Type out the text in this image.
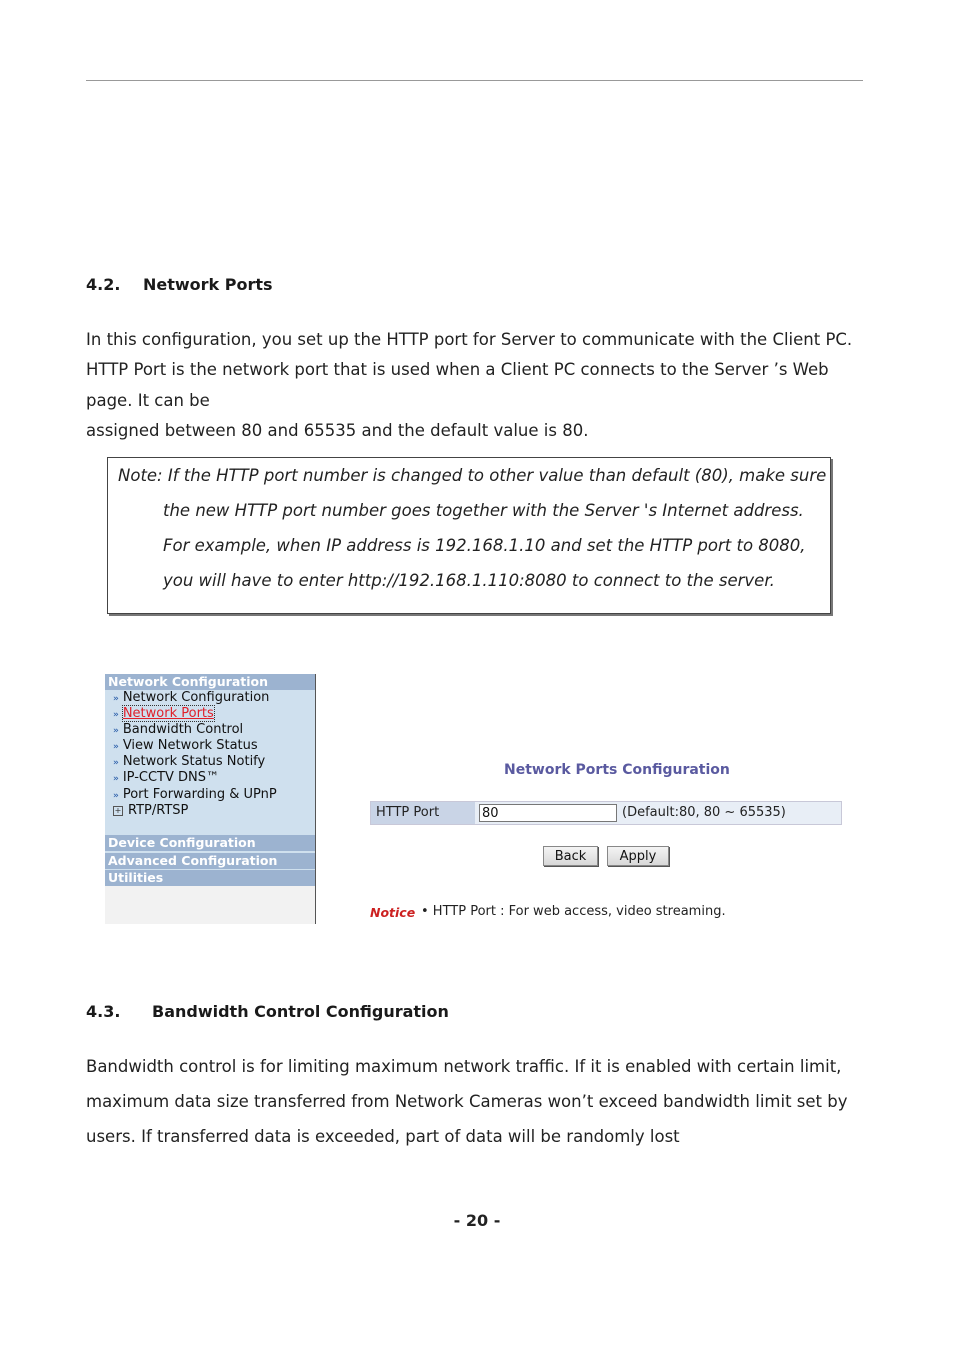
4.2. Network Ports
In this configuration, you set up the HTTP port for Server to communicate with the Client PC.
HTTP Port is the network port that is used when a Client PC connects to the Server ’s Web
page. It can be
assigned between 80 and 65535 and the default value is 80.
Note: If the HTTP port number is changed to other value than default (80), make sure
the new HTTP port number goes together with the Server 's Internet address.
For example, when IP address is 192.168.1.10 and set the HTTP port to 8080,
you will have to enter http://192.168.1.110:8080 to connect to the server.
Network Configuration
» Network Configuration
» Network Ports
» Bandwidth Control
» View Network Status
» Network Status Notify
» IP-CCTV DNS™
» Port Forwarding & UPnP
+ RTP/RTSP
Device Configuration
Advanced Configuration
Utilities
Network Ports Configuration
HTTP Port
80	(Default:80, 80 ~ 65535)
Back	Apply
Notice • HTTP Port : For web access, video streaming.
4.3. Bandwidth Control Configuration
Bandwidth control is for limiting maximum network traffic. If it is enabled with certain limit,
maximum data size transferred from Network Cameras won’t exceed bandwidth limit set by
users. If transferred data is exceeded, part of data will be randomly lost
- 20 -
